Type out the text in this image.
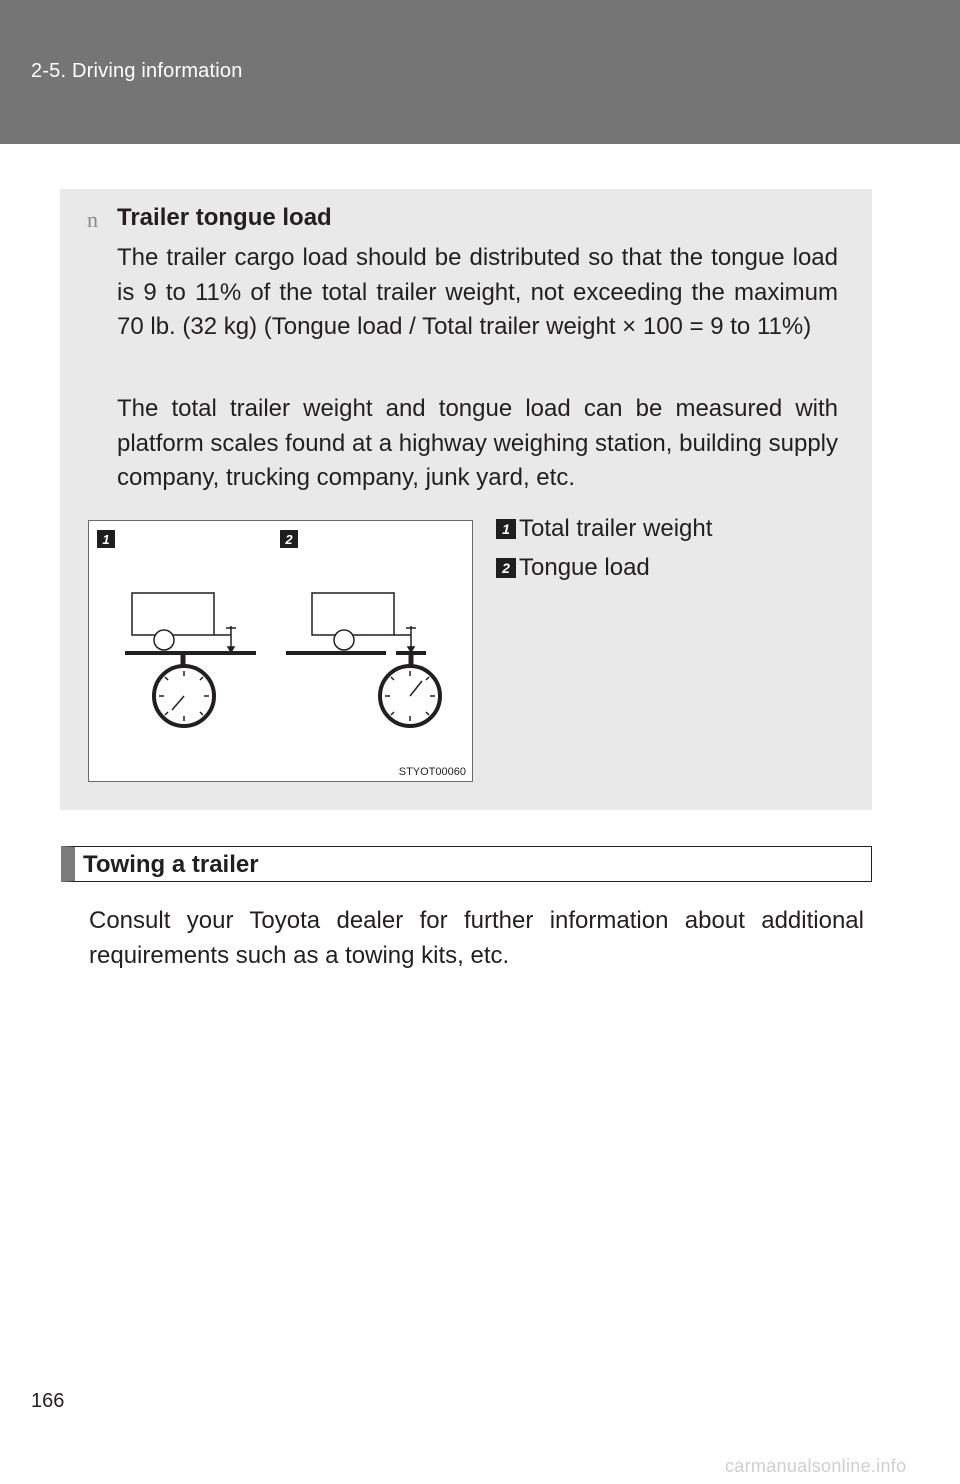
2-5. Driving information
n Trailer tongue load

The trailer cargo load should be distributed so that the tongue load is 9 to 11% of the total trailer weight, not exceeding the maximum 70 lb. (32 kg) (Tongue load / Total trailer weight × 100 = 9 to 11%)

The total trailer weight and tongue load can be measured with platform scales found at a highway weighing station, building supply company, trucking company, junk yard, etc.

1	2
STYOT00060
1 Total trailer weight
2 Tongue load
Towing a trailer

Consult your Toyota dealer for further information about additional requirements such as a towing kits, etc.

166
carmanualsonline.info
